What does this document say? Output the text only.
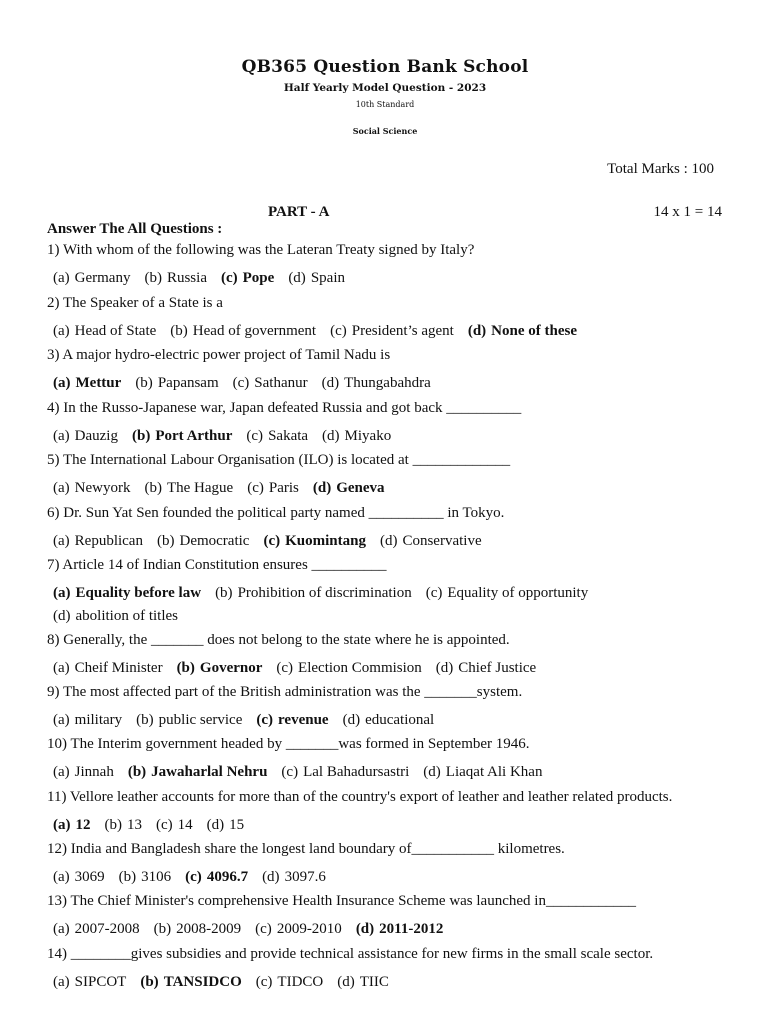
QB365 Question Bank School
Half Yearly Model Question - 2023
10th Standard
Social Science
Total Marks : 100
PART - A	14 x 1 = 14
Answer The All Questions :
1) With whom of the following was the Lateran Treaty signed by Italy?
(a) Germany (b) Russia (c) Pope (d) Spain
2) The Speaker of a State is a
(a) Head of State (b) Head of government (c) President’s agent (d) None of these
3) A major hydro-electric power project of Tamil Nadu is
(a) Mettur (b) Papansam (c) Sathanur (d) Thungabahdra
4) In the Russo-Japanese war, Japan defeated Russia and got back __________
(a) Dauzig (b) Port Arthur (c) Sakata (d) Miyako
5) The International Labour Organisation (ILO) is located at _____________
(a) Newyork (b) The Hague (c) Paris (d) Geneva
6) Dr. Sun Yat Sen founded the political party named __________ in Tokyo.
(a) Republican (b) Democratic (c) Kuomintang (d) Conservative
7) Article 14 of Indian Constitution ensures __________
(a) Equality before law (b) Prohibition of discrimination (c) Equality of opportunity
(d) abolition of titles
8) Generally, the _______ does not belong to the state where he is appointed.
(a) Cheif Minister (b) Governor (c) Election Commision (d) Chief Justice
9) The most affected part of the British administration was the _______system.
(a) military (b) public service (c) revenue (d) educational
10) The Interim government headed by _______was formed in September 1946.
(a) Jinnah (b) Jawaharlal Nehru (c) Lal Bahadursastri (d) Liaqat Ali Khan
11) Vellore leather accounts for more than of the country's export of leather and leather related products.
(a) 12 (b) 13 (c) 14 (d) 15
12) India and Bangladesh share the longest land boundary of___________ kilometres.
(a) 3069 (b) 3106 (c) 4096.7 (d) 3097.6
13) The Chief Minister's comprehensive Health Insurance Scheme was launched in____________
(a) 2007-2008 (b) 2008-2009 (c) 2009-2010 (d) 2011-2012
14) ________gives subsidies and provide technical assistance for new firms in the small scale sector.
(a) SIPCOT (b) TANSIDCO (c) TIDCO (d) TIIC
